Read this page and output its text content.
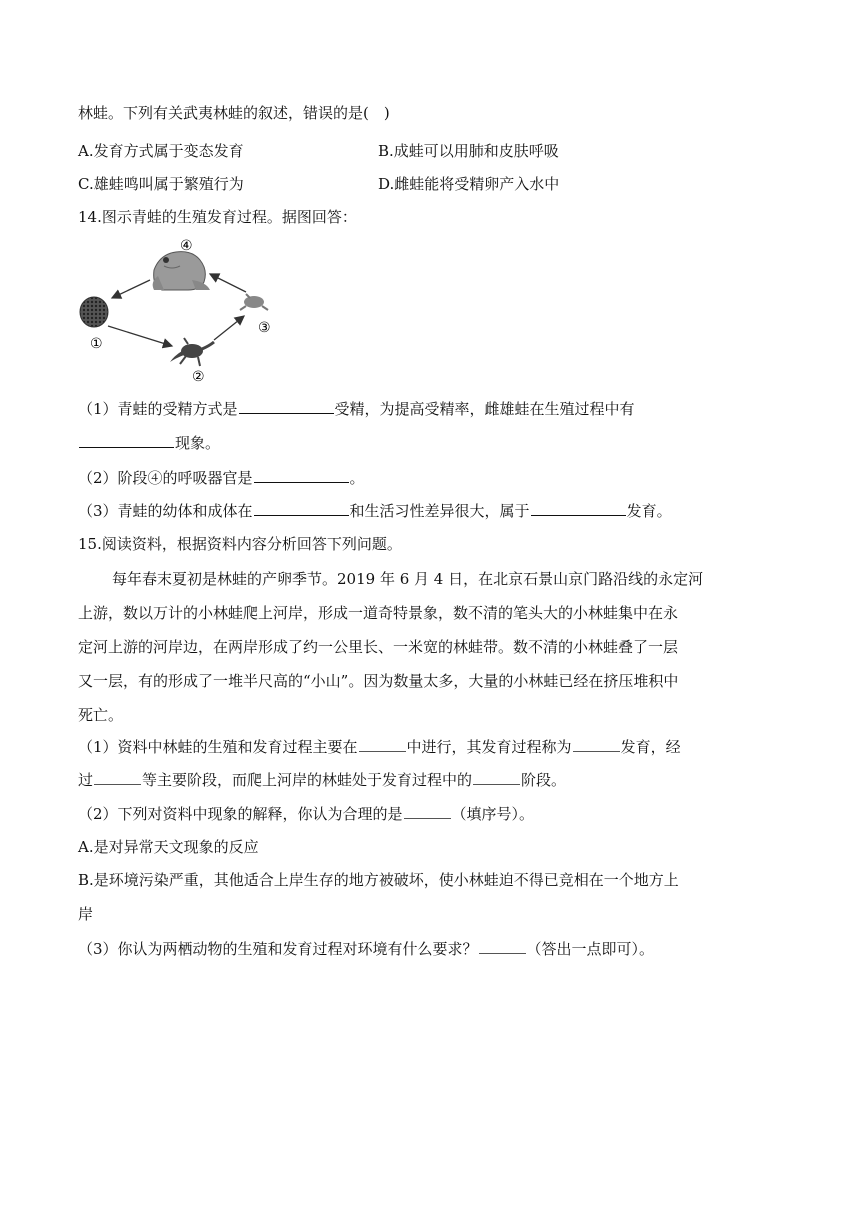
林蛙。下列有关武夷林蛙的叙述，错误的是(　)
A.发育方式属于变态发育	B.成蛙可以用肺和皮肤呼吸
C.雄蛙鸣叫属于繁殖行为	D.雌蛙能将受精卵产入水中
14.图示青蛙的生殖发育过程。据图回答：
①
②
③
④
（1）青蛙的受精方式是	受精，为提高受精率，雌雄蛙在生殖过程中有
现象。
（2）阶段④的呼吸器官是	。
（3）青蛙的幼体和成体在	和生活习性差异很大，属于	发育。
15.阅读资料，根据资料内容分析回答下列问题。
每年春末夏初是林蛙的产卵季节。2019 年 6 月 4 日，在北京石景山京门路沿线的永定河
上游，数以万计的小林蛙爬上河岸，形成一道奇特景象，数不清的笔头大的小林蛙集中在永
定河上游的河岸边，在两岸形成了约一公里长、一米宽的林蛙带。数不清的小林蛙叠了一层
又一层，有的形成了一堆半尺高的“小山”。因为数量太多，大量的小林蛙已经在挤压堆积中
死亡。
（1）资料中林蛙的生殖和发育过程主要在	中进行，其发育过程称为	发育，经
过	等主要阶段，而爬上河岸的林蛙处于发育过程中的	阶段。
（2）下列对资料中现象的解释，你认为合理的是	（填序号）。
A.是对异常天文现象的反应
B.是环境污染严重，其他适合上岸生存的地方被破坏，使小林蛙迫不得已竞相在一个地方上
岸
（3）你认为两栖动物的生殖和发育过程对环境有什么要求？	（答出一点即可）。
